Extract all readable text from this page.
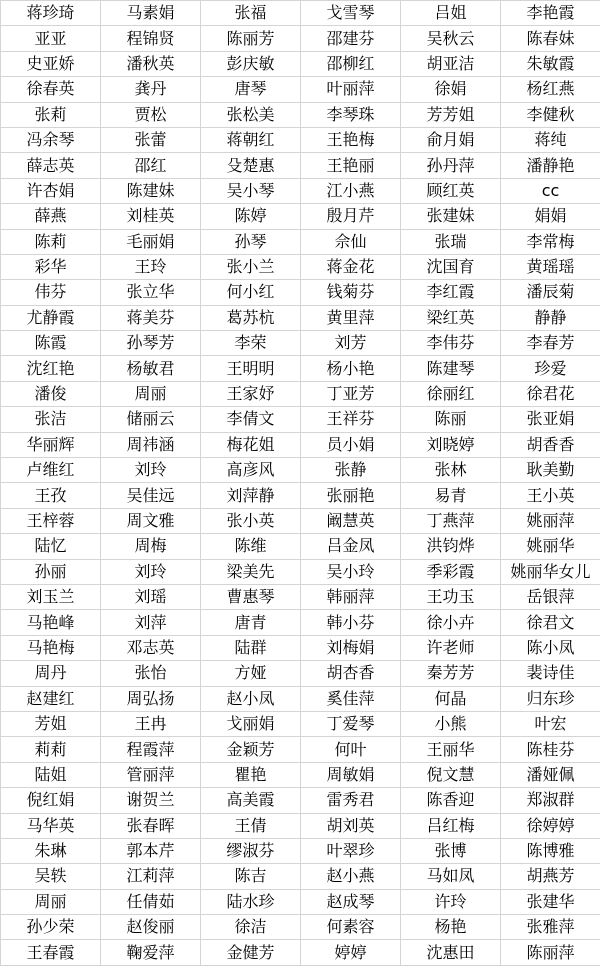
蒋珍琦	马素娟	张福	戈雪琴	吕姐	李艳霞
亚亚	程锦贤	陈丽芳	邵建芬	吴秋云	陈春妹
史亚娇	潘秋英	彭庆敏	邵柳红	胡亚洁	朱敏霞
徐春英	龚丹	唐琴	叶丽萍	徐娟	杨红燕
张莉	贾松	张松美	李琴珠	芳芳姐	李健秋
冯余琴	张蕾	蒋朝红	王艳梅	俞月娟	蒋纯
薛志英	邵红	殳楚惠	王艳丽	孙丹萍	潘静艳
许杏娟	陈建妹	吴小琴	江小燕	顾红英	cc
薛燕	刘桂英	陈婷	殷月芹	张建妹	娟娟
陈莉	毛丽娟	孙琴	佘仙	张瑞	李常梅
彩华	王玲	张小兰	蒋金花	沈国育	黄瑶瑶
伟芬	张立华	何小红	钱菊芬	李红霞	潘辰菊
尤静霞	蒋美芬	葛苏杭	黄里萍	梁红英	静静
陈霞	孙琴芳	李荣	刘芳	李伟芬	李春芳
沈红艳	杨敏君	王明明	杨小艳	陈建琴	珍爱
潘俊	周丽	王家妤	丁亚芳	徐丽红	徐君花
张洁	储丽云	李倩文	王祥芬	陈丽	张亚娟
华丽辉	周祎涵	梅花姐	员小娟	刘晓婷	胡香香
卢维红	刘玲	高彦风	张静	张林	耿美勤
王孜	吴佳远	刘萍静	张丽艳	易青	王小英
王梓蓉	周文雅	张小英	阚慧英	丁燕萍	姚丽萍
陆忆	周梅	陈维	吕金凤	洪钧烨	姚丽华
孙丽	刘玲	梁美先	吴小玲	季彩霞	姚丽华女儿
刘玉兰	刘瑶	曹惠琴	韩丽萍	王功玉	岳银萍
马艳峰	刘萍	唐青	韩小芬	徐小卉	徐君文
马艳梅	邓志英	陆群	刘梅娟	许老师	陈小凤
周丹	张怡	方娅	胡杏香	秦芳芳	裴诗佳
赵建红	周弘扬	赵小凤	奚佳萍	何晶	归东珍
芳姐	王冉	戈丽娟	丁爱琴	小熊	叶宏
莉莉	程霞萍	金颖芳	何叶	王丽华	陈桂芬
陆姐	管丽萍	瞿艳	周敏娟	倪文慧	潘娅佩
倪红娟	谢贺兰	高美霞	雷秀君	陈香迎	郑淑群
马华英	张春晖	王倩	胡刘英	吕红梅	徐婷婷
朱琳	郭本芹	缪淑芬	叶翠珍	张博	陈博雅
吴轶	江莉萍	陈吉	赵小燕	马如凤	胡燕芳
周丽	任倩茹	陆水珍	赵成琴	许玲	张建华
孙少荣	赵俊丽	徐洁	何素容	杨艳	张雅萍
王春霞	鞠爱萍	金健芳	婷婷	沈惠田	陈丽萍
